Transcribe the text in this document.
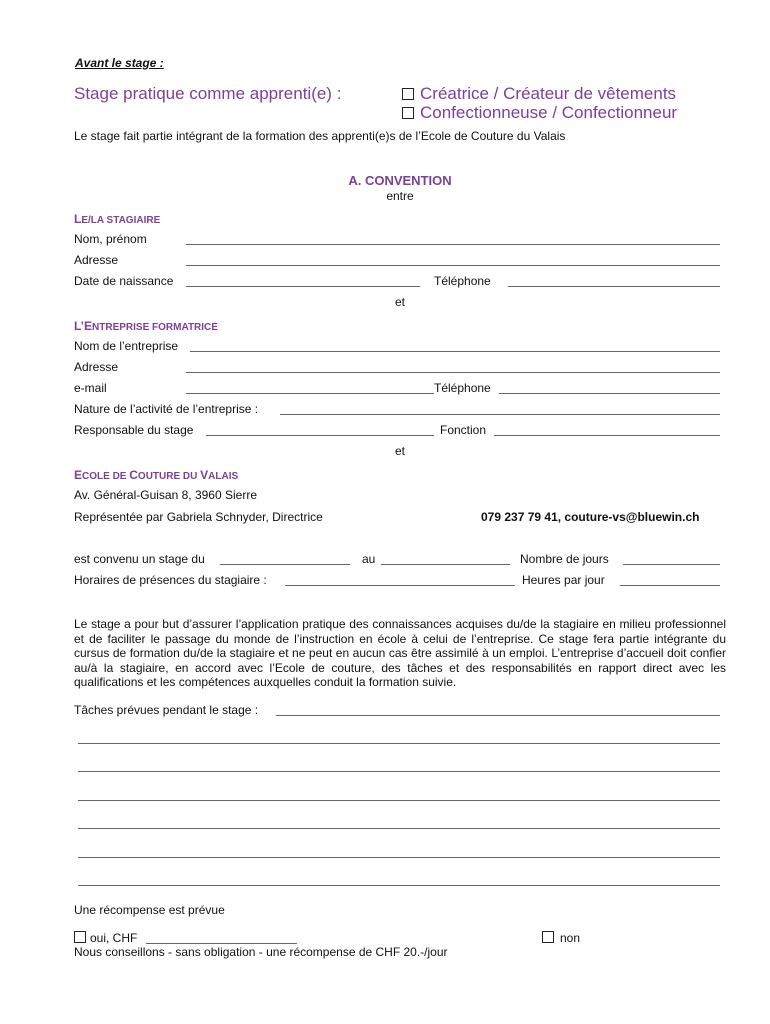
Avant le stage :
Stage pratique comme apprenti(e) :	Créatrice / Créateur de vêtements
Confectionneuse / Confectionneur
Le stage fait partie intégrant de la formation des apprenti(e)s de l’Ecole de Couture du Valais
A. CONVENTION
entre
LE/LA STAGIAIRE
Nom, prénom
Adresse
Date de naissance	Téléphone
et
L’ENTREPRISE FORMATRICE
Nom de l’entreprise
Adresse
e-mail	Téléphone
Nature de l’activité de l’entreprise :
Responsable du stage	Fonction
et
ECOLE DE COUTURE DU VALAIS
Av. Général-Guisan 8, 3960 Sierre
Représentée par Gabriela Schnyder, Directrice	079 237 79 41, couture-vs@bluewin.ch
est convenu un stage du	au	Nombre de jours
Horaires de présences du stagiaire :	Heures par jour
Le stage a pour but d’assurer l’application pratique des connaissances acquises du/de la stagiaire en milieu professionnel et de faciliter le passage du monde de l’instruction en école à celui de l’entreprise. Ce stage fera partie intégrante du cursus de formation du/de la stagiaire et ne peut en aucun cas être assimilé à un emploi. L’entreprise d’accueil doit confier au/à la stagiaire, en accord avec l’Ecole de couture, des tâches et des responsabilités en rapport direct avec les qualifications et les compétences auxquelles conduit la formation suivie.
Tâches prévues pendant le stage :
Une récompense est prévue
oui, CHF	non
Nous conseillons - sans obligation - une récompense de CHF 20.-/jour
